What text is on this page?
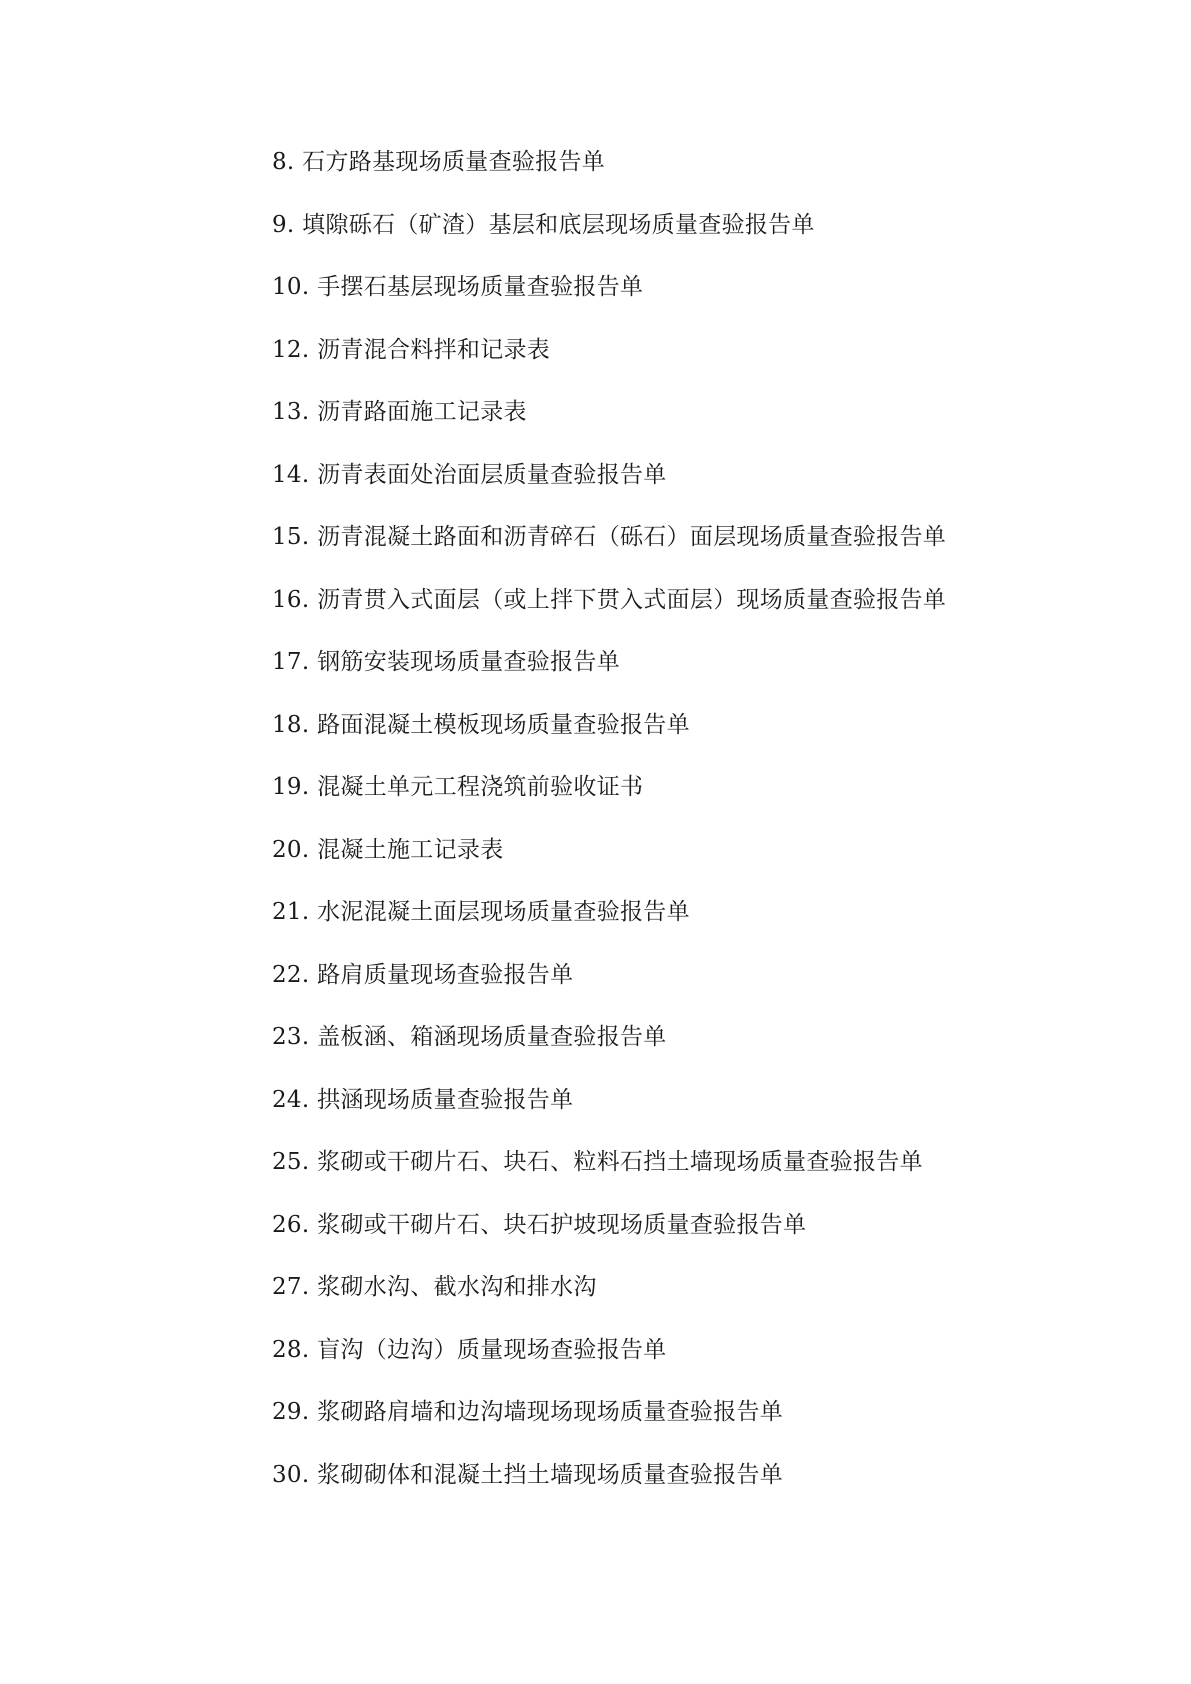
8. 石方路基现场质量查验报告单
9. 填隙砾石（矿渣）基层和底层现场质量查验报告单
10. 手摆石基层现场质量查验报告单
12. 沥青混合料拌和记录表
13. 沥青路面施工记录表
14. 沥青表面处治面层质量查验报告单
15. 沥青混凝土路面和沥青碎石（砾石）面层现场质量查验报告单
16. 沥青贯入式面层（或上拌下贯入式面层）现场质量查验报告单
17. 钢筋安装现场质量查验报告单
18. 路面混凝土模板现场质量查验报告单
19. 混凝土单元工程浇筑前验收证书
20. 混凝土施工记录表
21. 水泥混凝土面层现场质量查验报告单
22. 路肩质量现场查验报告单
23. 盖板涵、箱涵现场质量查验报告单
24. 拱涵现场质量查验报告单
25. 浆砌或干砌片石、块石、粒料石挡土墙现场质量查验报告单
26. 浆砌或干砌片石、块石护坡现场质量查验报告单
27. 浆砌水沟、截水沟和排水沟
28. 盲沟（边沟）质量现场查验报告单
29. 浆砌路肩墙和边沟墙现场现场质量查验报告单
30. 浆砌砌体和混凝土挡土墙现场质量查验报告单
